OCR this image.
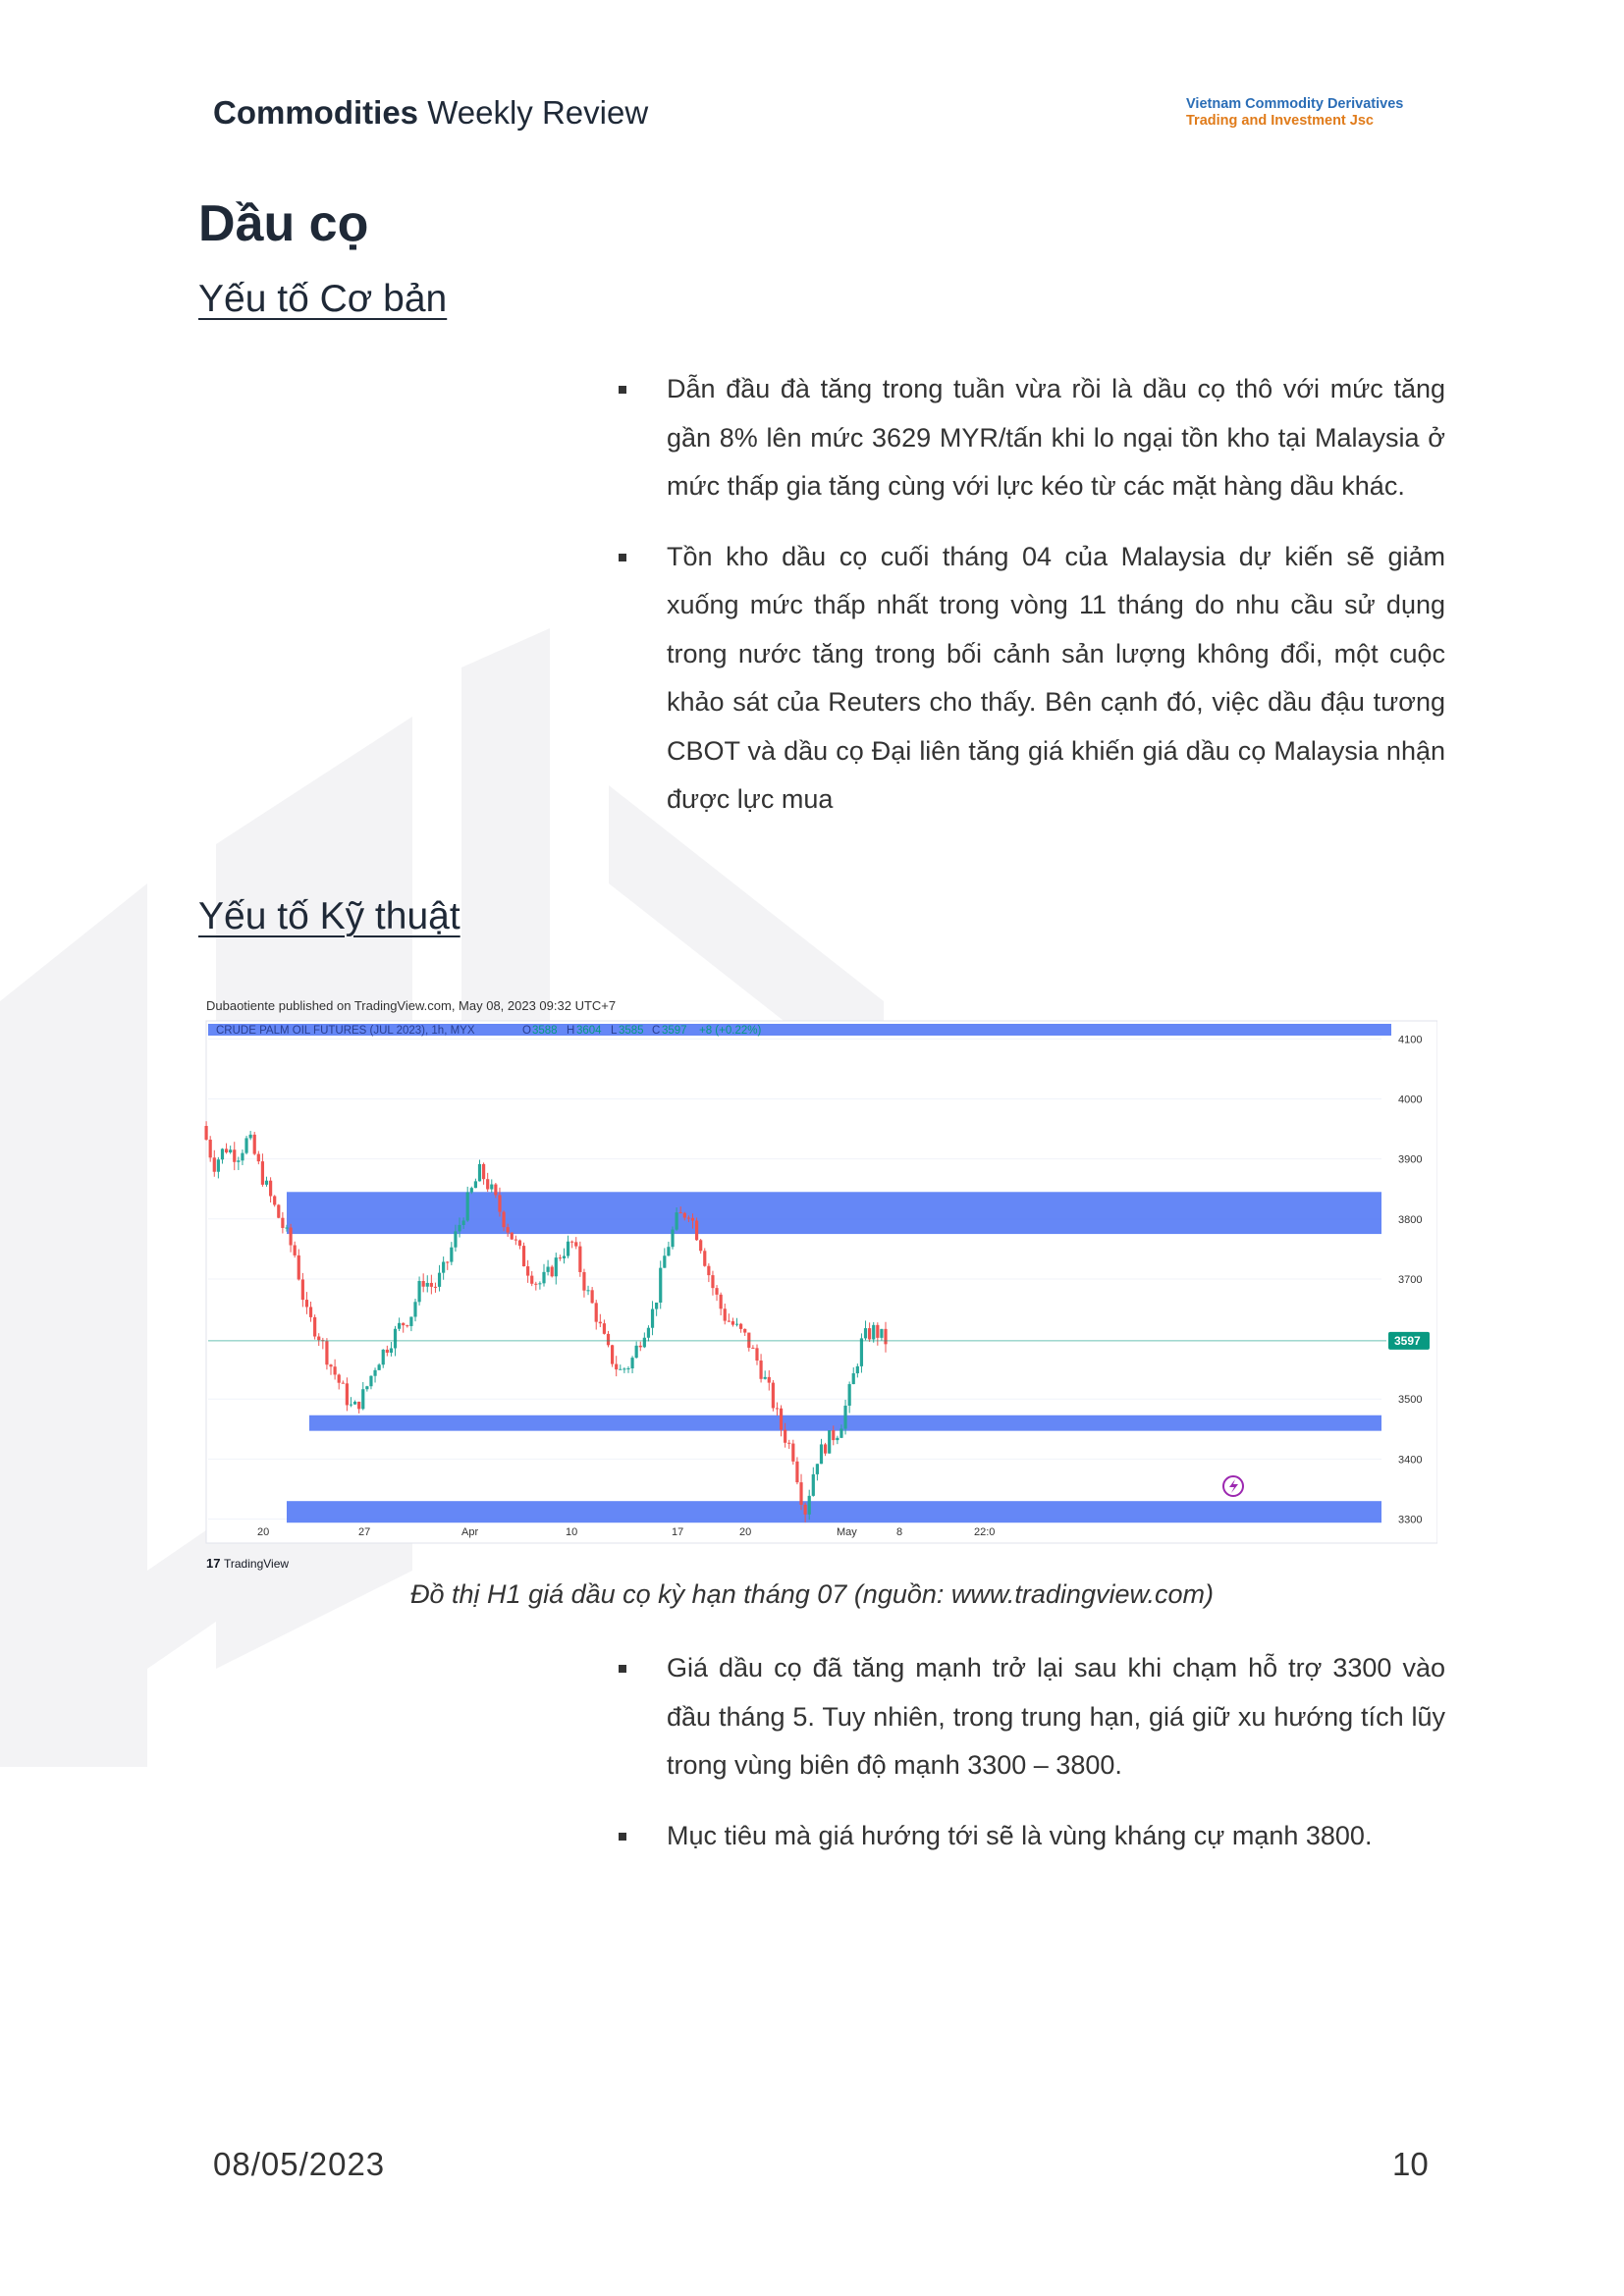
Commodities Weekly Review	Vietnam Commodity Derivatives
Trading and Investment Jsc
Dầu cọ
Yếu tố Cơ bản
Dẫn đầu đà tăng trong tuần vừa rồi là dầu cọ thô với mức tăng gần 8% lên mức 3629 MYR/tấn khi lo ngại tồn kho tại Malaysia ở mức thấp gia tăng cùng với lực kéo từ các mặt hàng dầu khác.
Tồn kho dầu cọ cuối tháng 04 của Malaysia dự kiến sẽ giảm xuống mức thấp nhất trong vòng 11 tháng do nhu cầu sử dụng trong nước tăng trong bối cảnh sản lượng không đổi, một cuộc khảo sát của Reuters cho thấy. Bên cạnh đó, việc dầu đậu tương CBOT và dầu cọ Đại liên tăng giá khiến giá dầu cọ Malaysia nhận được lực mua
Yếu tố Kỹ thuật
Dubaotiente published on TradingView.com, May 08, 2023 09:32 UTC+7
CRUDE PALM OIL FUTURES (JUL 2023), 1h, MYX	O 3588 H 3604 L 3585 C 3597 +8 (+0.22%)
4100
4000
3900
3800
3700
3500
3400
3300
20	27	Apr	10	17	20	May	8	22:0
3597
17 TradingView
Đồ thị H1 giá dầu cọ kỳ hạn tháng 07 (nguồn: www.tradingview.com)
Giá dầu cọ đã tăng mạnh trở lại sau khi chạm hỗ trợ 3300 vào đầu tháng 5. Tuy nhiên, trong trung hạn, giá giữ xu hướng tích lũy trong vùng biên độ mạnh 3300 – 3800.
Mục tiêu mà giá hướng tới sẽ là vùng kháng cự mạnh 3800.
08/05/2023	10
